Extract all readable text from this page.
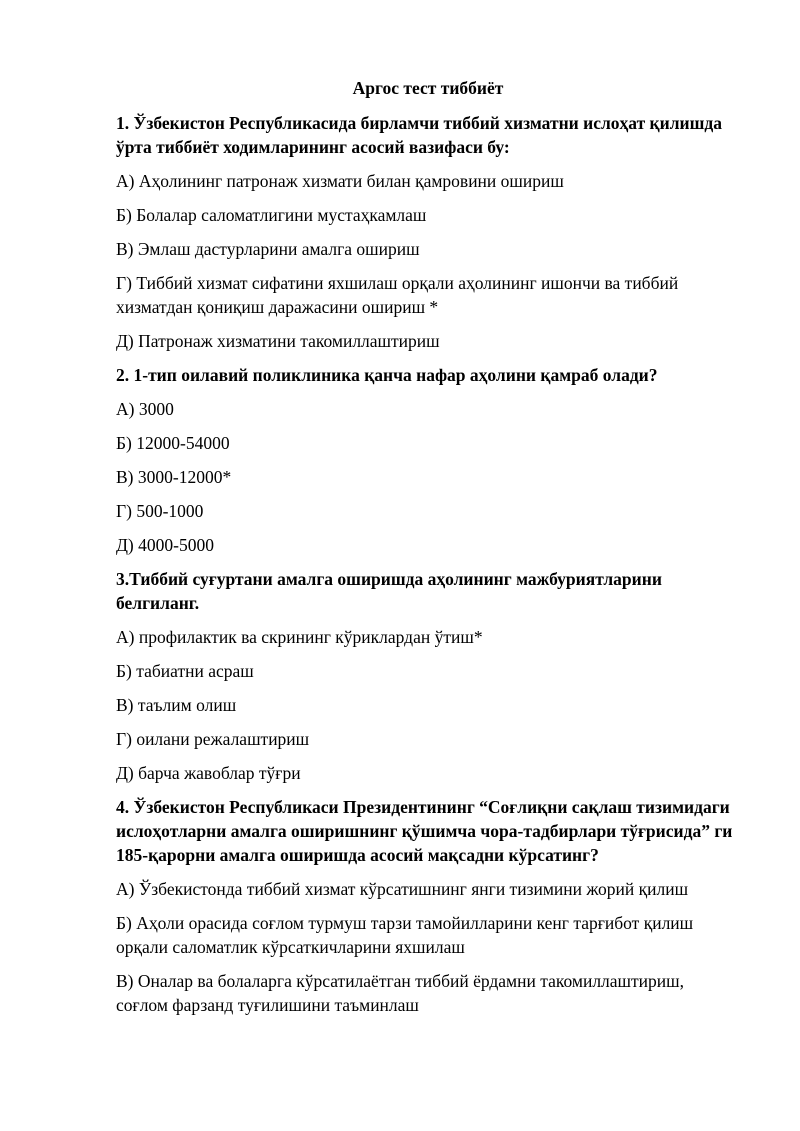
Аргос тест тиббиёт
1. Ўзбекистон Республикасида бирламчи тиббий хизматни ислоҳат қилишда ўрта тиббиёт ходимларининг асосий вазифаси бу:
А) Аҳолининг патронаж хизмати билан қамровини ошириш
Б) Болалар саломатлигини мустаҳкамлаш
В) Эмлаш дастурларини амалга ошириш
Г) Тиббий хизмат сифатини яхшилаш орқали аҳолининг ишончи ва тиббий хизматдан қониқиш даражасини ошириш *
Д) Патронаж хизматини такомиллаштириш
2. 1-тип оилавий поликлиника қанча нафар аҳолини қамраб олади?
А) 3000
Б) 12000-54000
В) 3000-12000*
Г) 500-1000
Д) 4000-5000
3.Тиббий суғуртани амалга оширишда аҳолининг мажбуриятларини белгиланг.
А) профилактик ва скрининг кўриклардан ўтиш*
Б) табиатни асраш
В) таълим олиш
Г) оилани режалаштириш
Д) барча жавоблар тўғри
4. Ўзбекистон Республикаси Президентининг “Соғлиқни сақлаш тизимидаги ислоҳотларни амалга оширишнинг қўшимча чора-тадбирлари тўғрисида” ги 185-қарорни амалга оширишда асосий мақсадни кўрсатинг?
А) Ўзбекистонда тиббий хизмат кўрсатишнинг янги тизимини жорий қилиш
Б) Аҳоли орасида соғлом турмуш тарзи тамойилларини кенг тарғибот қилиш орқали саломатлик кўрсаткичларини яхшилаш
В) Оналар ва болаларга кўрсатилаётган тиббий ёрдамни такомиллаштириш, соғлом фарзанд туғилишини таъминлаш
